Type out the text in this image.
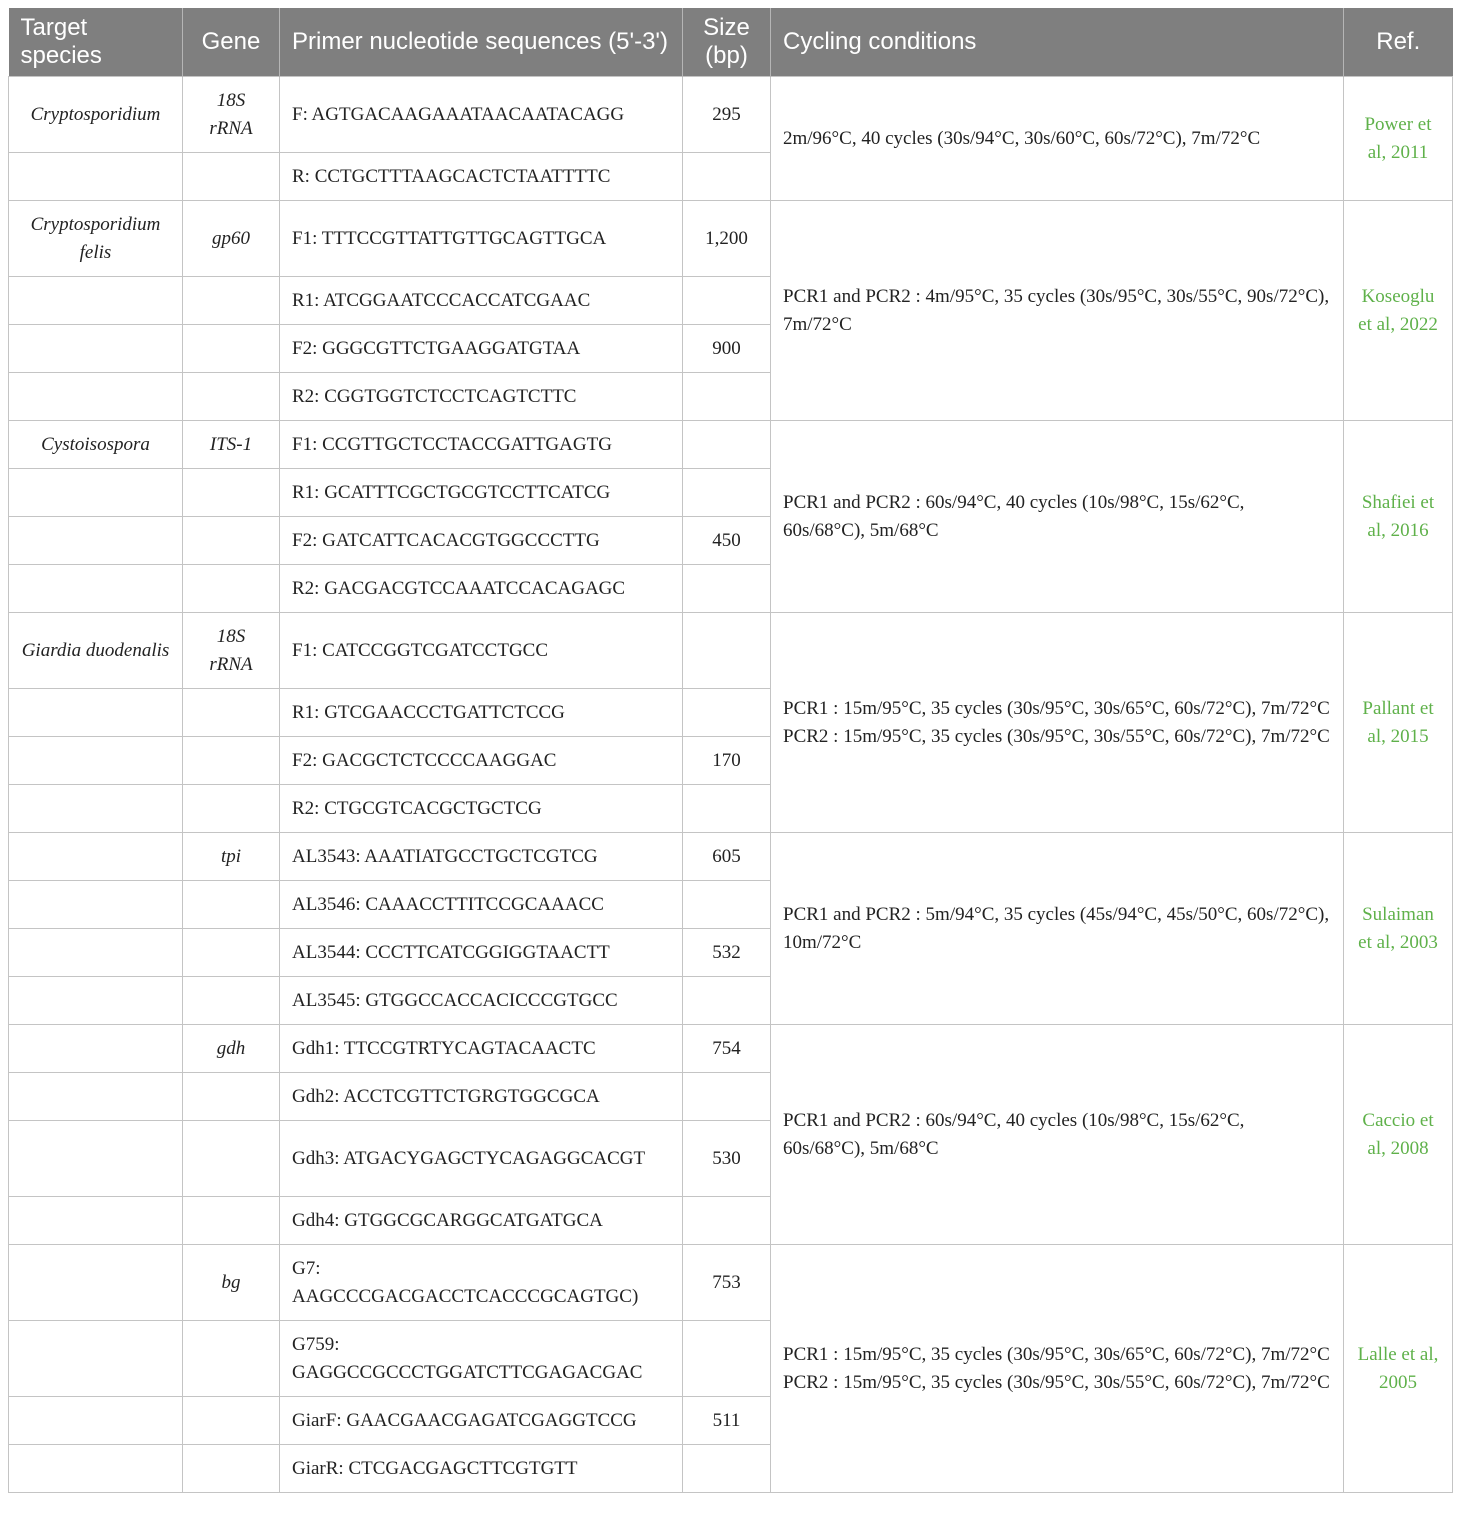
Target species	Gene	Primer nucleotide sequences (5'-3')	Size (bp)	Cycling conditions	Ref.
Cryptosporidium	18S rRNA	F: AGTGACAAGAAATAACAATACAGG	295	2m/96°C, 40 cycles (30s/94°C, 30s/60°C, 60s/72°C), 7m/72°C	Power et al, 2011
		R: CCTGCTTTAAGCACTCTAATTTTC			
Cryptosporidium felis	gp60	F1: TTTCCGTTATTGTTGCAGTTGCA	1,200	PCR1 and PCR2 : 4m/95°C, 35 cycles (30s/95°C, 30s/55°C, 90s/72°C), 7m/72°C	Koseoglu et al, 2022
		R1: ATCGGAATCCCACCATCGAAC			
		F2: GGGCGTTCTGAAGGATGTAA	900		
		R2: CGGTGGTCTCCTCAGTCTTC			
Cystoisospora	ITS-1	F1: CCGTTGCTCCTACCGATTGAGTG		PCR1 and PCR2 : 60s/94°C, 40 cycles (10s/98°C, 15s/62°C, 60s/68°C), 5m/68°C	Shafiei et al, 2016
		R1: GCATTTCGCTGCGTCCTTCATCG			
		F2: GATCATTCACACGTGGCCCTTG	450		
		R2: GACGACGTCCAAATCCACAGAGC			
Giardia duodenalis	18S rRNA	F1: CATCCGGTCGATCCTGCC		PCR1 : 15m/95°C, 35 cycles (30s/95°C, 30s/65°C, 60s/72°C), 7m/72°C PCR2 : 15m/95°C, 35 cycles (30s/95°C, 30s/55°C, 60s/72°C), 7m/72°C	Pallant et al, 2015
		R1: GTCGAACCCTGATTCTCCG			
		F2: GACGCTCTCCCCAAGGAC	170		
		R2: CTGCGTCACGCTGCTCG			
	tpi	AL3543: AAATIATGCCTGCTCGTCG	605	PCR1 and PCR2 : 5m/94°C, 35 cycles (45s/94°C, 45s/50°C, 60s/72°C), 10m/72°C	Sulaiman et al, 2003
		AL3546: CAAACCTTITCCGCAAACC			
		AL3544: CCCTTCATCGGIGGTAACTT	532		
		AL3545: GTGGCCACCACICCCGTGCC			
	gdh	Gdh1: TTCCGTRTYCAGTACAACTC	754	PCR1 and PCR2 : 60s/94°C, 40 cycles (10s/98°C, 15s/62°C, 60s/68°C), 5m/68°C	Caccio et al, 2008
		Gdh2: ACCTCGTTCTGRGTGGCGCA			
		Gdh3: ATGACYGAGCTYCAGAGGCACGT	530		
		Gdh4: GTGGCGCARGGCATGATGCA			
	bg	G7: AAGCCCGACGACCTCACCCGCAGTGC)	753	PCR1 : 15m/95°C, 35 cycles (30s/95°C, 30s/65°C, 60s/72°C), 7m/72°C PCR2 : 15m/95°C, 35 cycles (30s/95°C, 30s/55°C, 60s/72°C), 7m/72°C	Lalle et al, 2005
		G759: GAGGCCGCCCTGGATCTTCGAGACGAC			
		GiarF: GAACGAACGAGATCGAGGTCCG	511		
		GiarR: CTCGACGAGCTTCGTGTT			
